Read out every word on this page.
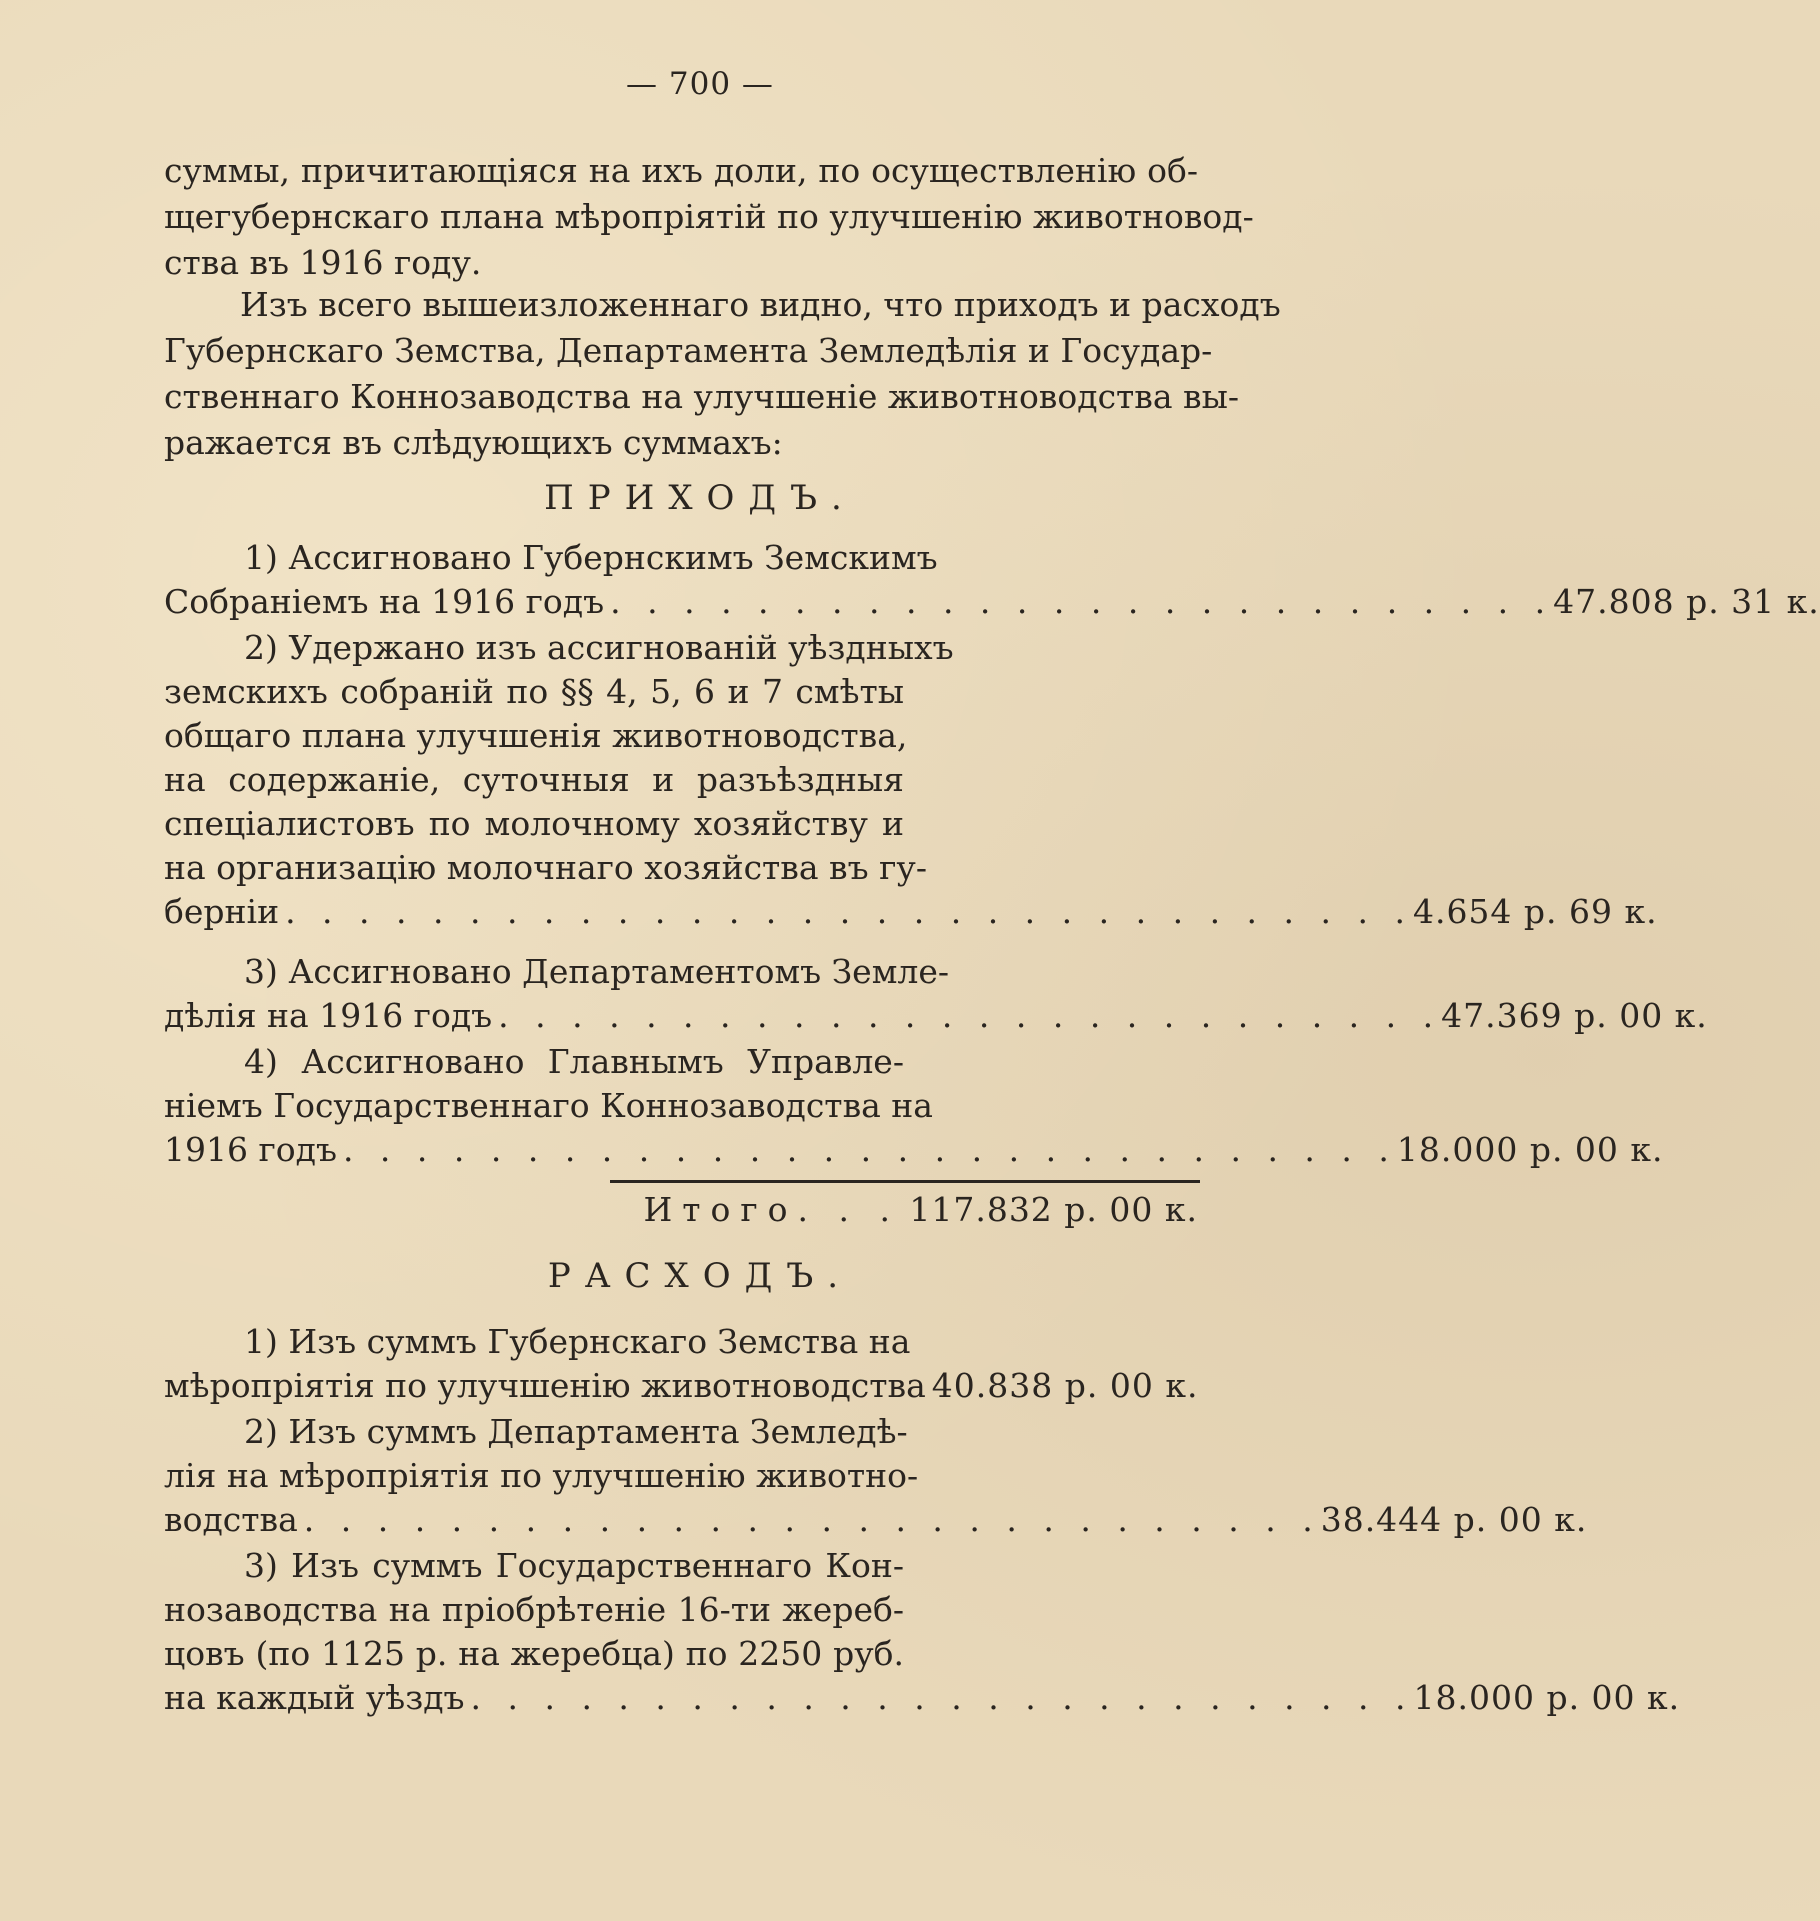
— 700 —
суммы, причитающіяся на ихъ доли, по осуществленію об-
щегубернскаго плана мѣропріятій по улучшенію животновод-
ства въ 1916 году.
Изъ всего вышеизложеннаго видно, что приходъ и расходъ
Губернскаго Земства, Департамента Земледѣлія и Государ-
ственнаго Коннозаводства на улучшеніе животноводства вы-
ражается въ слѣдующихъ суммахъ:
ПРИХОДЪ.
1) Ассигновано Губернскимъ Земскимъ
Собраніемъ на 1916 годъ . . . . . . . . . . . . . . . . . . . . . . . . . . 47.808 р. 31 к.
2) Удержано изъ ассигнованій уѣздныхъ
земскихъ собраній по §§ 4, 5, 6 и 7 смѣты
общаго плана улучшенія животноводства,
на содержаніе, суточныя и разъѣздныя
спеціалистовъ по молочному хозяйству и
на организацію молочнаго хозяйства въ гу-
берніи . . . . . . . . . . . . . . . . . . . . . . . . . . . . . . . 4.654 р. 69 к.
3) Ассигновано Департаментомъ Земле-
дѣлія на 1916 годъ . . . . . . . . . . . . . . . . . . . . . . . . . . 47.369 р. 00 к.
4) Ассигновано Главнымъ Управле-
ніемъ Государственнаго Коннозаводства на
1916 годъ . . . . . . . . . . . . . . . . . . . . . . . . . . . . . 18.000 р. 00 к.
Итого. . . 117.832 р. 00 к.
РАСХОДЪ.
1) Изъ суммъ Губернскаго Земства на
мѣропріятія по улучшенію животноводства 40.838 р. 00 к.
2) Изъ суммъ Департамента Земледѣ-
лія на мѣропріятія по улучшенію животно-
водства . . . . . . . . . . . . . . . . . . . . . . . . . . . . 38.444 р. 00 к.
3) Изъ суммъ Государственнаго Кон-
нозаводства на пріобрѣтеніе 16-ти жереб-
цовъ (по 1125 р. на жеребца) по 2250 руб.
на каждый уѣздъ . . . . . . . . . . . . . . . . . . . . . . . . . . 18.000 р. 00 к.
